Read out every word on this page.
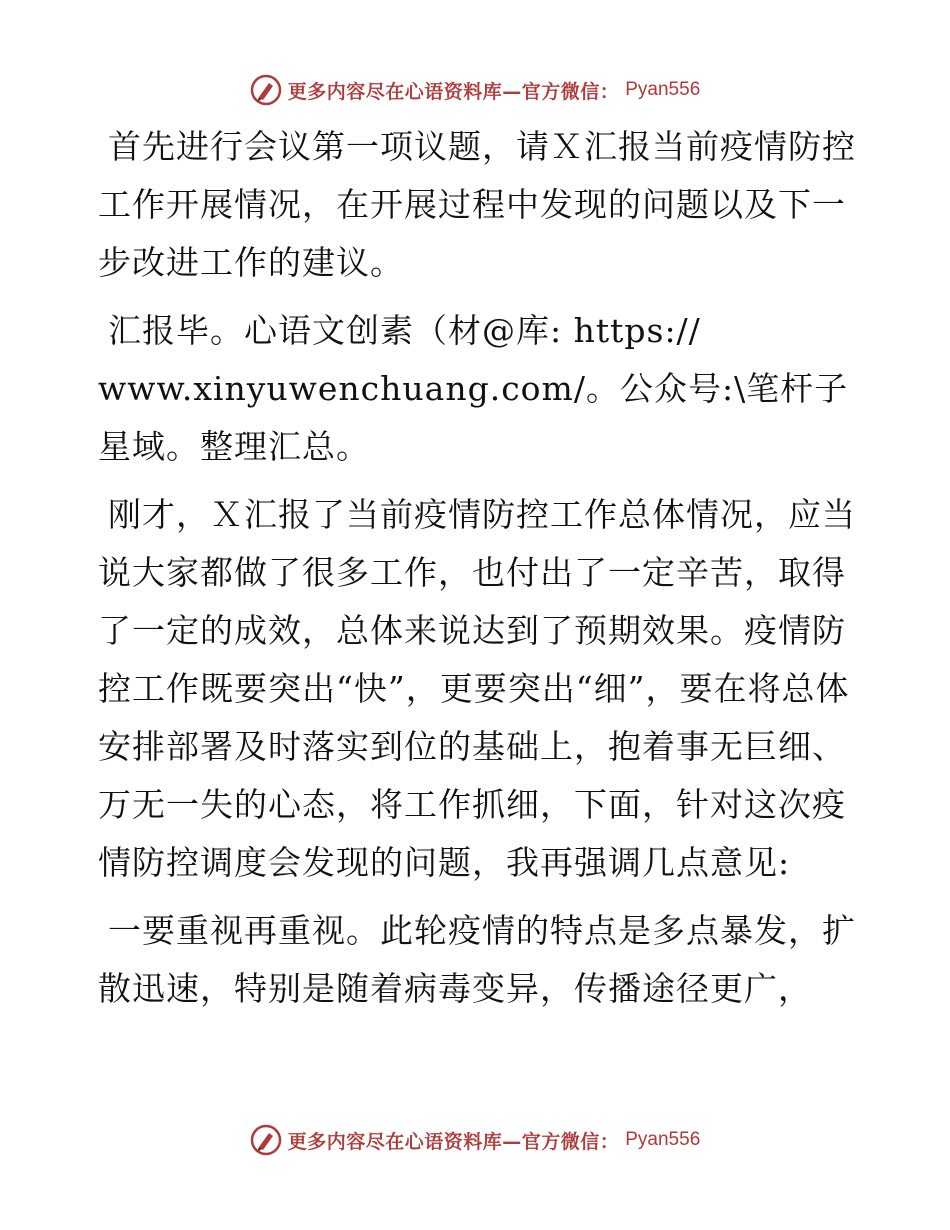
更多内容尽在心语资料库—官方微信： Pyan556

首先进行会议第一项议题，请Ｘ汇报当前疫情防控工作开展情况，在开展过程中发现的问题以及下一步改进工作的建议。

汇报毕。心语文创素（材@库: https://
www.xinyuwenchuang.com/。公众号:\笔杆子星域。整理汇总。

刚才，Ｘ汇报了当前疫情防控工作总体情况，应当说大家都做了很多工作，也付出了一定辛苦，取得了一定的成效，总体来说达到了预期效果。疫情防控工作既要突出“快”，更要突出“细”，要在将总体安排部署及时落实到位的基础上，抱着事无巨细、万无一失的心态，将工作抓细，下面，针对这次疫情防控调度会发现的问题，我再强调几点意见:

一要重视再重视。此轮疫情的特点是多点暴发，扩散迅速，特别是随着病毒变异，传播途径更广，

更多内容尽在心语资料库—官方微信： Pyan556
